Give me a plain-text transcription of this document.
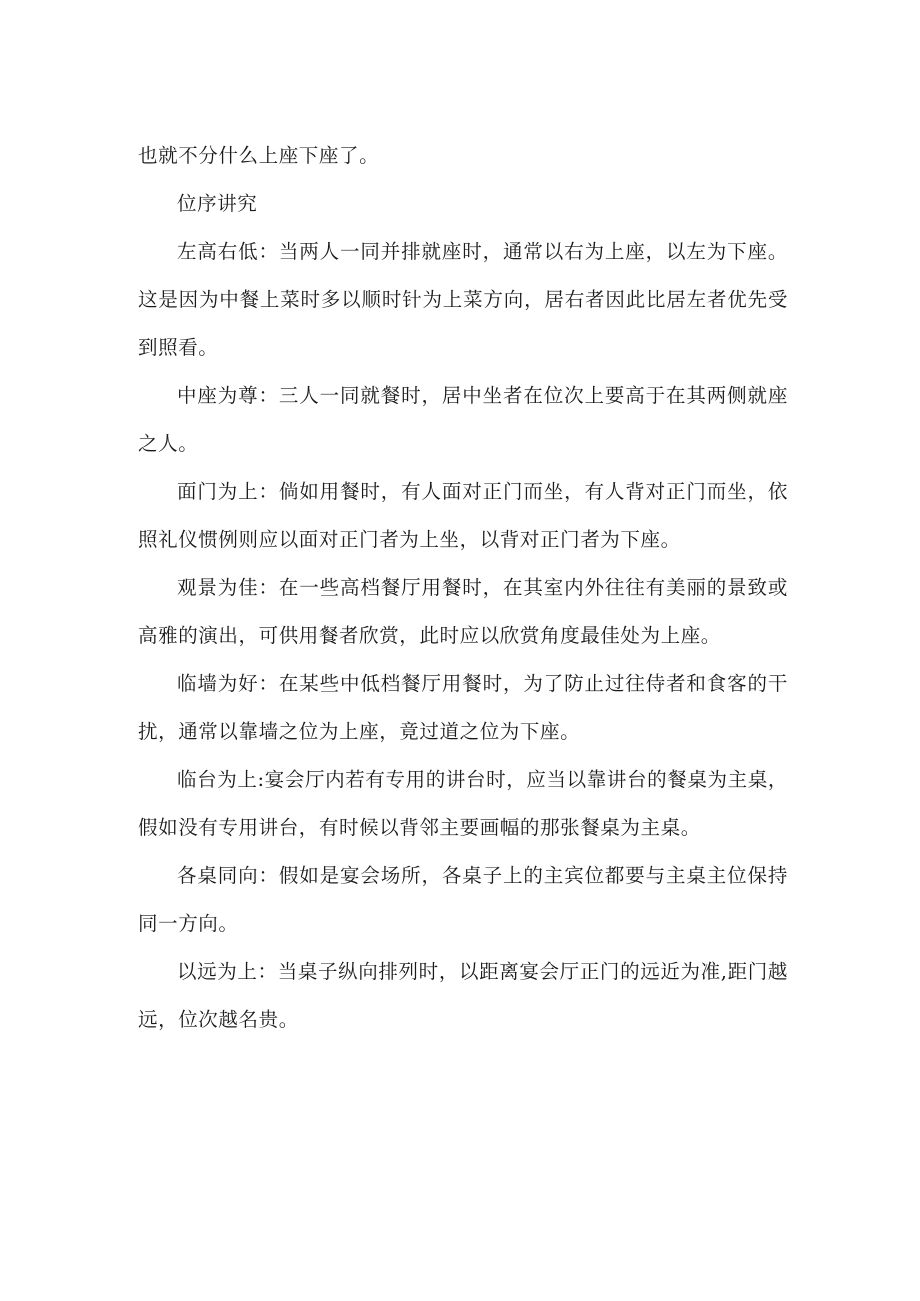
也就不分什么上座下座了。

位序讲究

左高右低：当两人一同并排就座时，通常以右为上座，以左为下座。这是因为中餐上菜时多以顺时针为上菜方向，居右者因此比居左者优先受到照看。

中座为尊：三人一同就餐时，居中坐者在位次上要高于在其两侧就座之人。

面门为上：倘如用餐时，有人面对正门而坐，有人背对正门而坐，依照礼仪惯例则应以面对正门者为上坐，以背对正门者为下座。

观景为佳：在一些高档餐厅用餐时，在其室内外往往有美丽的景致或高雅的演出，可供用餐者欣赏，此时应以欣赏角度最佳处为上座。

临墙为好：在某些中低档餐厅用餐时，为了防止过往侍者和食客的干扰，通常以靠墙之位为上座，竟过道之位为下座。

临台为上:宴会厅内若有专用的讲台时，应当以靠讲台的餐桌为主桌，假如没有专用讲台，有时候以背邻主要画幅的那张餐桌为主桌。

各桌同向：假如是宴会场所，各桌子上的主宾位都要与主桌主位保持同一方向。

以远为上：当桌子纵向排列时，以距离宴会厅正门的远近为准,距门越远，位次越名贵。
